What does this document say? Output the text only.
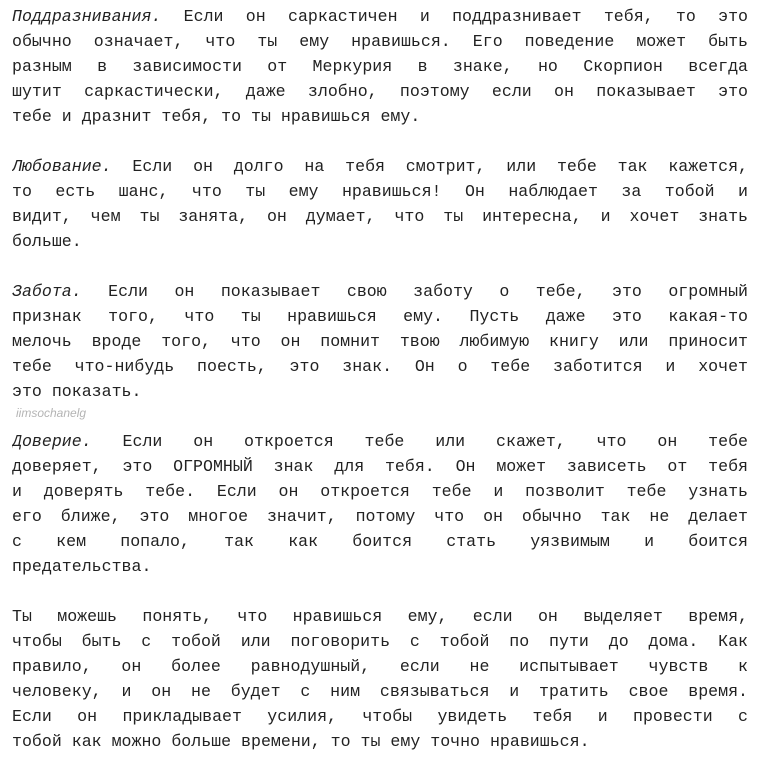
iimsochanelg
Поддразнивания. Если он саркастичен и поддразнивает тебя, то это
обычно означает, что ты ему нравишься. Его поведение может быть
разным в зависимости от Меркурия в знаке, но Скорпион всегда
шутит саркастически, даже злобно, поэтому если он показывает это
тебе и дразнит тебя, то ты нравишься ему.
Любование. Если он долго на тебя смотрит, или тебе так кажется,
то есть шанс, что ты ему нравишься! Он наблюдает за тобой и
видит, чем ты занята, он думает, что ты интересна, и хочет знать
больше.
Забота. Если он показывает свою заботу о тебе, это огромный
признак того, что ты нравишься ему. Пусть даже это какая-то
мелочь вроде того, что он помнит твою любимую книгу или приносит
тебе что-нибудь поесть, это знак. Он о тебе заботится и хочет
это показать.
Доверие. Если он откроется тебе или скажет, что он тебе
доверяет, это ОГРОМНЫЙ знак для тебя. Он может зависеть от тебя
и доверять тебе. Если он откроется тебе и позволит тебе узнать
его ближе, это многое значит, потому что он обычно так не делает
с кем попало, так как боится стать уязвимым и боится
предательства.
Ты можешь понять, что нравишься ему, если он выделяет время,
чтобы быть с тобой или поговорить с тобой по пути до дома. Как
правило, он более равнодушный, если не испытывает чувств к
человеку, и он не будет с ним связываться и тратить свое время.
Если он прикладывает усилия, чтобы увидеть тебя и провести с
тобой как можно больше времени, то ты ему точно нравишься.
